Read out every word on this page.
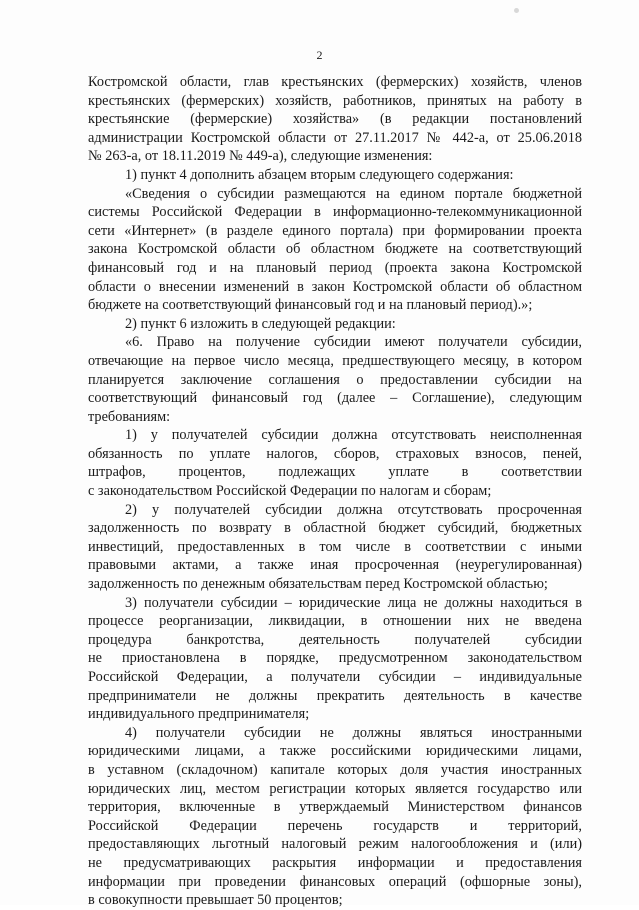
2
Костромской области, глав крестьянских (фермерских) хозяйств, членов
крестьянских (фермерских) хозяйств, работников, принятых на работу в
крестьянские (фермерские) хозяйства» (в редакции постановлений
администрации Костромской области от 27.11.2017 № 442-а, от 25.06.2018
№ 263-а, от 18.11.2019 № 449-а), следующие изменения:
1) пункт 4 дополнить абзацем вторым следующего содержания:
«Сведения о субсидии размещаются на едином портале бюджетной
системы Российской Федерации в информационно-телекоммуникационной
сети «Интернет» (в разделе единого портала) при формировании проекта
закона Костромской области об областном бюджете на соответствующий
финансовый год и на плановый период (проекта закона Костромской
области о внесении изменений в закон Костромской области об областном
бюджете на соответствующий финансовый год и на плановый период).»;
2) пункт 6 изложить в следующей редакции:
«6. Право на получение субсидии имеют получатели субсидии,
отвечающие на первое число месяца, предшествующего месяцу, в котором
планируется заключение соглашения о предоставлении субсидии на
соответствующий финансовый год (далее – Соглашение), следующим
требованиям:
1) у получателей субсидии должна отсутствовать неисполненная
обязанность по уплате налогов, сборов, страховых взносов, пеней,
штрафов, процентов, подлежащих уплате в соответствии
с законодательством Российской Федерации по налогам и сборам;
2) у получателей субсидии должна отсутствовать просроченная
задолженность по возврату в областной бюджет субсидий, бюджетных
инвестиций, предоставленных в том числе в соответствии с иными
правовыми актами, а также иная просроченная (неурегулированная)
задолженность по денежным обязательствам перед Костромской областью;
3) получатели субсидии – юридические лица не должны находиться в
процессе реорганизации, ликвидации, в отношении них не введена
процедура банкротства, деятельность получателей субсидии
не приостановлена в порядке, предусмотренном законодательством
Российской Федерации, а получатели субсидии – индивидуальные
предприниматели не должны прекратить деятельность в качестве
индивидуального предпринимателя;
4) получатели субсидии не должны являться иностранными
юридическими лицами, а также российскими юридическими лицами,
в уставном (складочном) капитале которых доля участия иностранных
юридических лиц, местом регистрации которых является государство или
территория, включенные в утверждаемый Министерством финансов
Российской Федерации перечень государств и территорий,
предоставляющих льготный налоговый режим налогообложения и (или)
не предусматривающих раскрытия информации и предоставления
информации при проведении финансовых операций (офшорные зоны),
в совокупности превышает 50 процентов;
